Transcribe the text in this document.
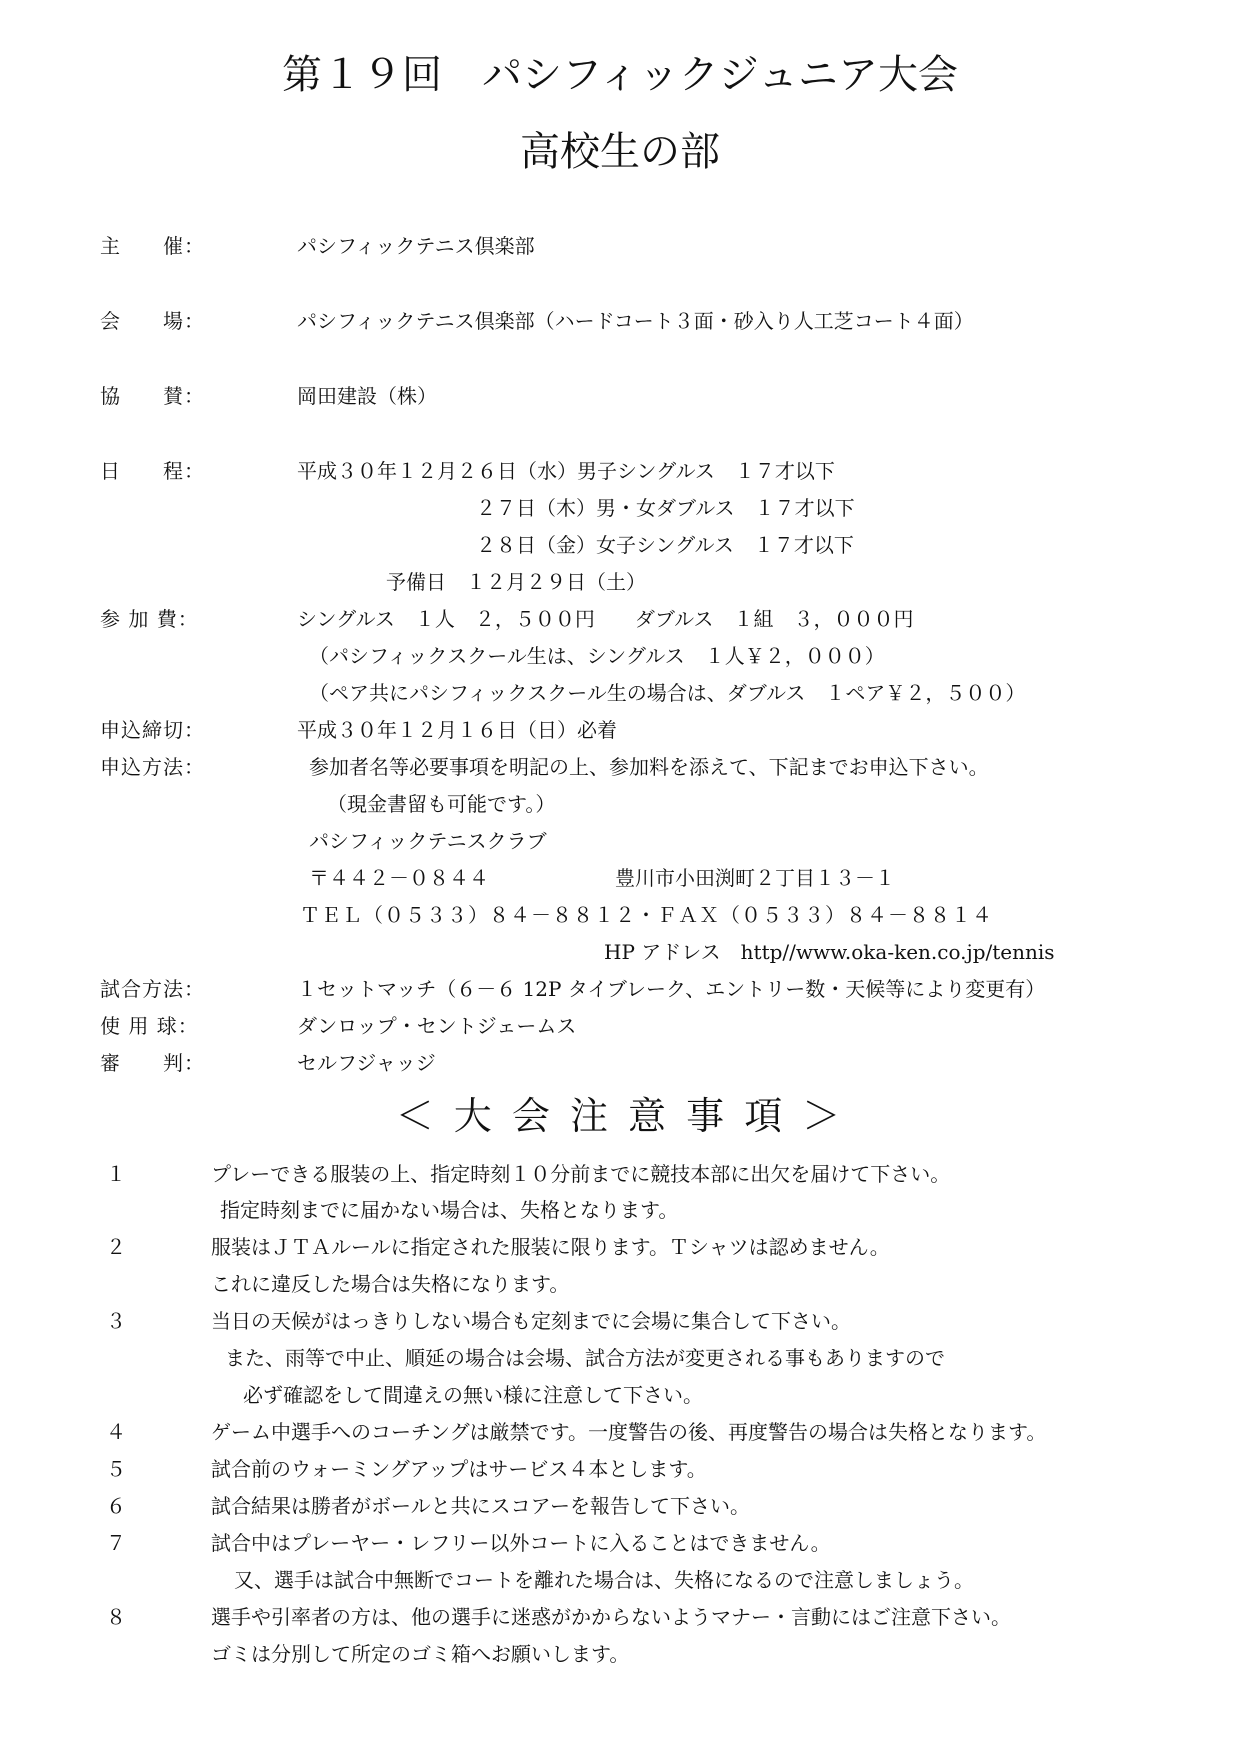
第１９回　パシフィックジュニア大会
高校生の部
主　　催：	パシフィックテニス倶楽部
会　　場：	パシフィックテニス倶楽部（ハードコート３面・砂入り人工芝コート４面）
協　　賛：	岡田建設（株）
日　　程：	平成３０年１２月２６日（水）男子シングルス　１７才以下
２７日（木）男・女ダブルス　１７才以下
２８日（金）女子シングルス　１７才以下
予備日　１２月２９日（土）
参 加 費：	シングルス　１人　２，５００円　　ダブルス　１組　３，０００円
（パシフィックスクール生は、シングルス　１人￥２，０００）
（ペア共にパシフィックスクール生の場合は、ダブルス　１ペア￥２，５００）
申込締切：	平成３０年１２月１６日（日）必着
申込方法：	参加者名等必要事項を明記の上、参加料を添えて、下記までお申込下さい。
（現金書留も可能です。）
パシフィックテニスクラブ
〒４４２－０８４４	豊川市小田渕町２丁目１３－１
ＴＥＬ（０５３３）８４－８８１２・ＦＡＸ（０５３３）８４－８８１４
HP アドレス　http//www.oka-ken.co.jp/tennis
試合方法：	１セットマッチ（６－６ 12P タイブレーク、エントリー数・天候等により変更有）
使 用 球：	ダンロップ・セントジェームス
審　　判：	セルフジャッジ
＜ 大 会 注 意 事 項 ＞
１	プレーできる服装の上、指定時刻１０分前までに競技本部に出欠を届けて下さい。
指定時刻までに届かない場合は、失格となります。
２	服装はＪＴＡルールに指定された服装に限ります。Ｔシャツは認めません。
これに違反した場合は失格になります。
３	当日の天候がはっきりしない場合も定刻までに会場に集合して下さい。
また、雨等で中止、順延の場合は会場、試合方法が変更される事もありますので
必ず確認をして間違えの無い様に注意して下さい。
４	ゲーム中選手へのコーチングは厳禁です。一度警告の後、再度警告の場合は失格となります。
５	試合前のウォーミングアップはサービス４本とします。
６	試合結果は勝者がボールと共にスコアーを報告して下さい。
７	試合中はプレーヤー・レフリー以外コートに入ることはできません。
又、選手は試合中無断でコートを離れた場合は、失格になるので注意しましょう。
８	選手や引率者の方は、他の選手に迷惑がかからないようマナー・言動にはご注意下さい。
ゴミは分別して所定のゴミ箱へお願いします。
